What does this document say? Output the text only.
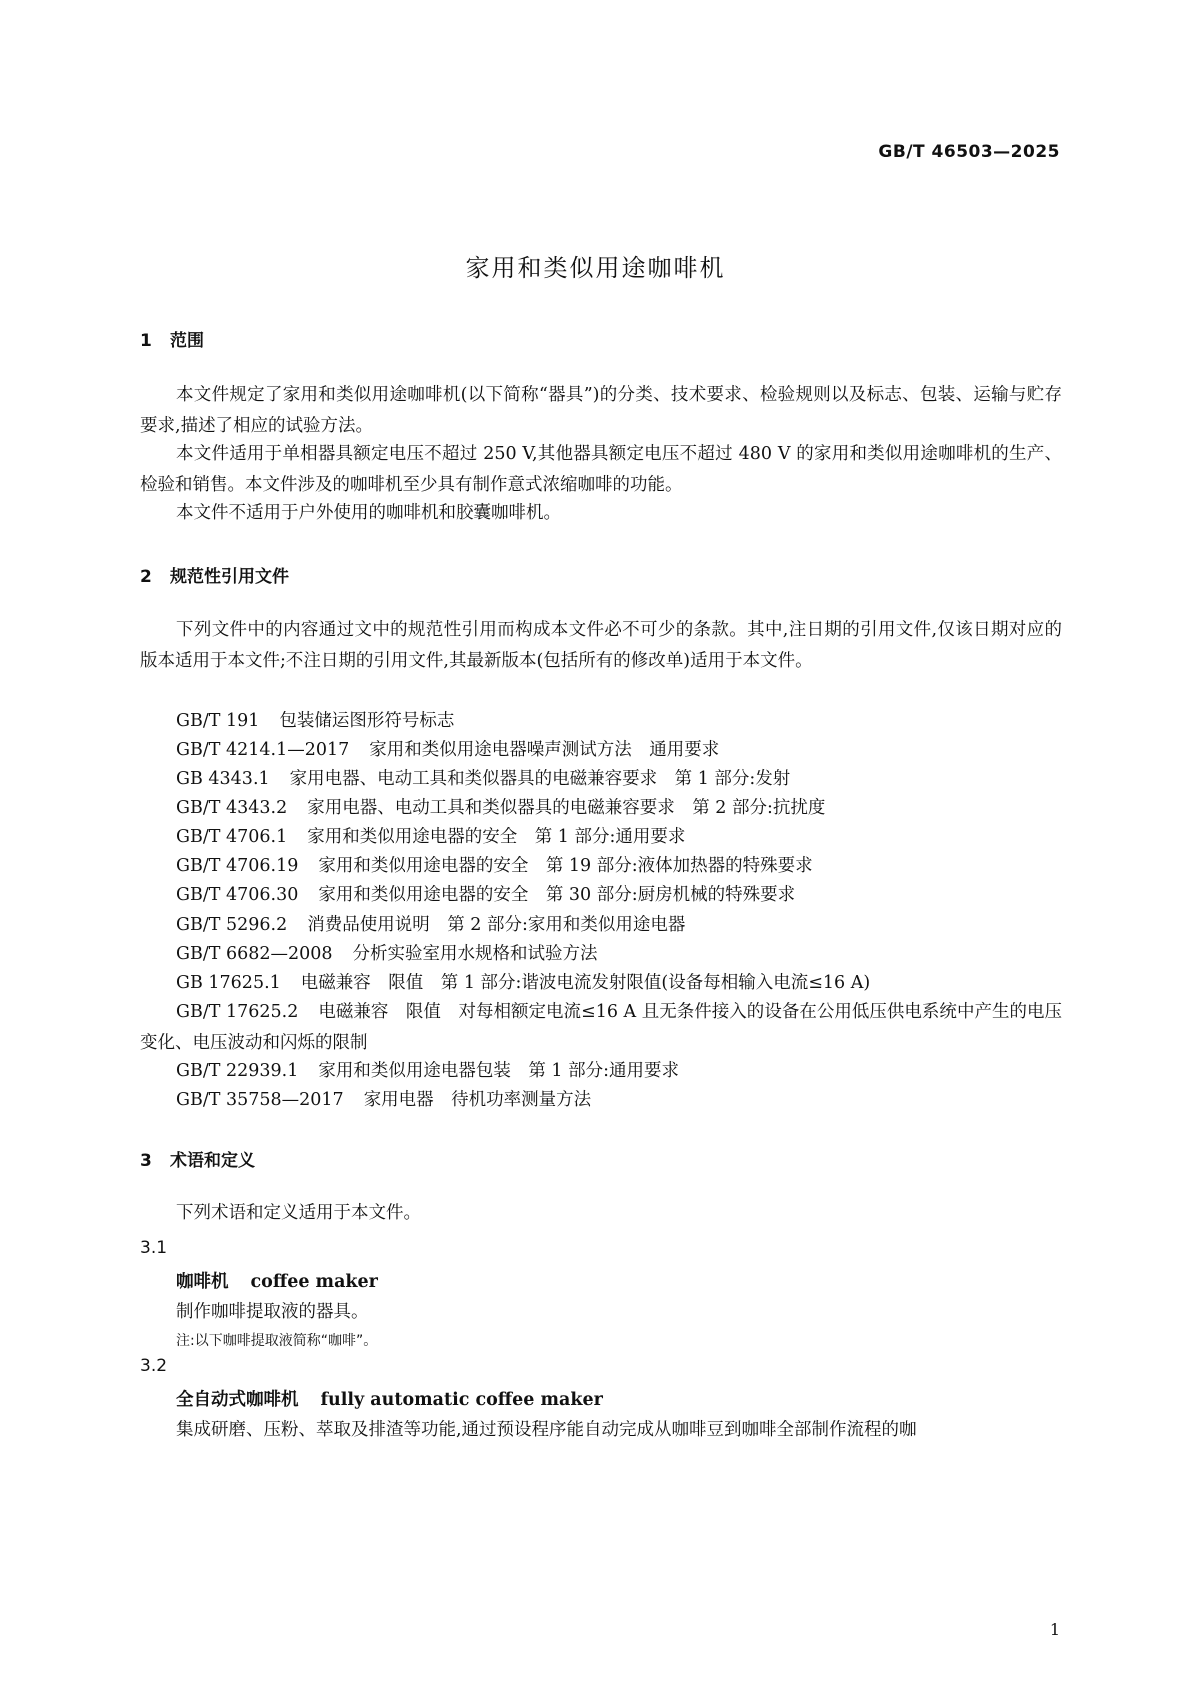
GB/T 46503—2025
家用和类似用途咖啡机
1 范围
本文件规定了家用和类似用途咖啡机(以下简称“器具”)的分类、技术要求、检验规则以及标志、包装、运输与贮存要求,描述了相应的试验方法。
本文件适用于单相器具额定电压不超过 250 V,其他器具额定电压不超过 480 V 的家用和类似用途咖啡机的生产、检验和销售。本文件涉及的咖啡机至少具有制作意式浓缩咖啡的功能。
本文件不适用于户外使用的咖啡机和胶囊咖啡机。
2 规范性引用文件
下列文件中的内容通过文中的规范性引用而构成本文件必不可少的条款。其中,注日期的引用文件,仅该日期对应的版本适用于本文件;不注日期的引用文件,其最新版本(包括所有的修改单)适用于本文件。
GB/T 191 包装储运图形符号标志
GB/T 4214.1—2017 家用和类似用途电器噪声测试方法　通用要求
GB 4343.1 家用电器、电动工具和类似器具的电磁兼容要求　第 1 部分:发射
GB/T 4343.2 家用电器、电动工具和类似器具的电磁兼容要求　第 2 部分:抗扰度
GB/T 4706.1 家用和类似用途电器的安全　第 1 部分:通用要求
GB/T 4706.19 家用和类似用途电器的安全　第 19 部分:液体加热器的特殊要求
GB/T 4706.30 家用和类似用途电器的安全　第 30 部分:厨房机械的特殊要求
GB/T 5296.2 消费品使用说明　第 2 部分:家用和类似用途电器
GB/T 6682—2008 分析实验室用水规格和试验方法
GB 17625.1 电磁兼容　限值　第 1 部分:谐波电流发射限值(设备每相输入电流≤16 A)
GB/T 17625.2 电磁兼容　限值　对每相额定电流≤16 A 且无条件接入的设备在公用低压供电系统中产生的电压变化、电压波动和闪烁的限制
GB/T 22939.1 家用和类似用途电器包装　第 1 部分:通用要求
GB/T 35758—2017 家用电器　待机功率测量方法
3 术语和定义
下列术语和定义适用于本文件。
3.1
咖啡机 coffee maker
制作咖啡提取液的器具。
注:以下咖啡提取液简称“咖啡”。
3.2
全自动式咖啡机 fully automatic coffee maker
集成研磨、压粉、萃取及排渣等功能,通过预设程序能自动完成从咖啡豆到咖啡全部制作流程的咖
1
